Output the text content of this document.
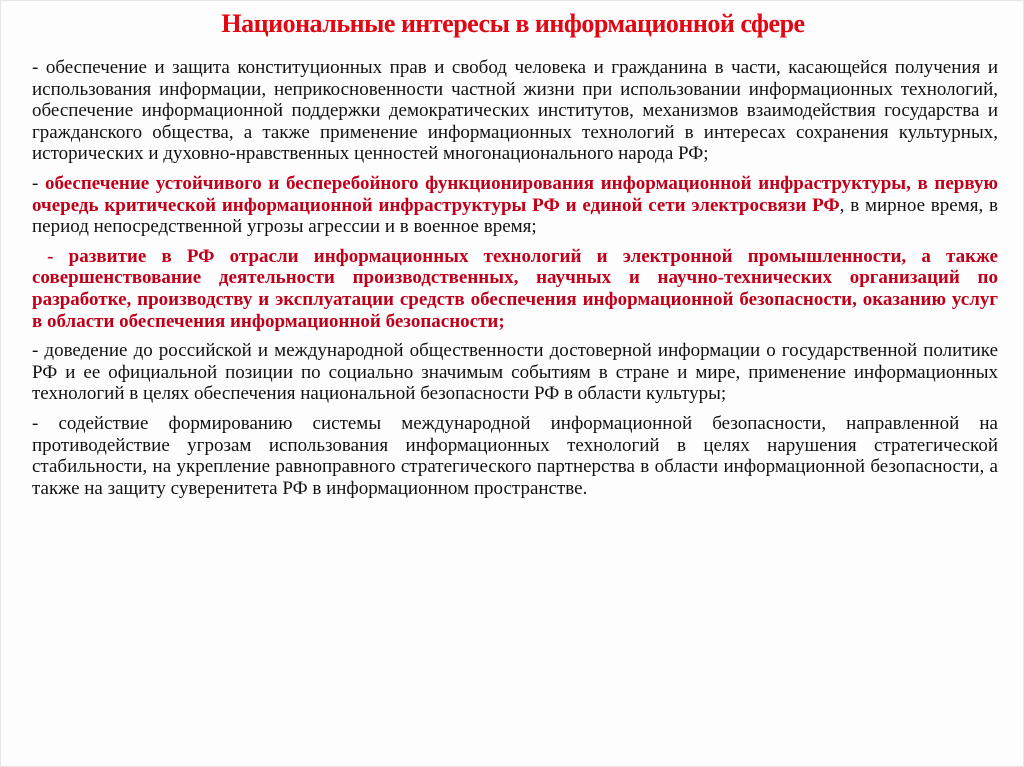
Национальные интересы в информационной сфере

- обеспечение и защита конституционных прав и свобод человека и гражданина в части, касающейся получения и использования информации, неприкосновенности частной жизни при использовании информационных технологий, обеспечение информационной поддержки демократических институтов, механизмов взаимодействия государства и гражданского общества, а также применение информационных технологий в интересах сохранения культурных, исторических и духовно-нравственных ценностей многонационального народа РФ;

- обеспечение устойчивого и бесперебойного функционирования информационной инфраструктуры, в первую очередь критической информационной инфраструктуры РФ и единой сети электросвязи РФ, в мирное время, в период непосредственной угрозы агрессии и в военное время;

- развитие в РФ отрасли информационных технологий и электронной промышленности, а также совершенствование деятельности производственных, научных и научно-технических организаций по разработке, производству и эксплуатации средств обеспечения информационной безопасности, оказанию услуг в области обеспечения информационной безопасности;

- доведение до российской и международной общественности достоверной информации о государственной политике РФ и ее официальной позиции по социально значимым событиям в стране и мире, применение информационных технологий в целях обеспечения национальной безопасности РФ в области культуры;

- содействие формированию системы международной информационной безопасности, направленной на противодействие угрозам использования информационных технологий в целях нарушения стратегической стабильности, на укрепление равноправного стратегического партнерства в области информационной безопасности, а также на защиту суверенитета РФ в информационном пространстве.
